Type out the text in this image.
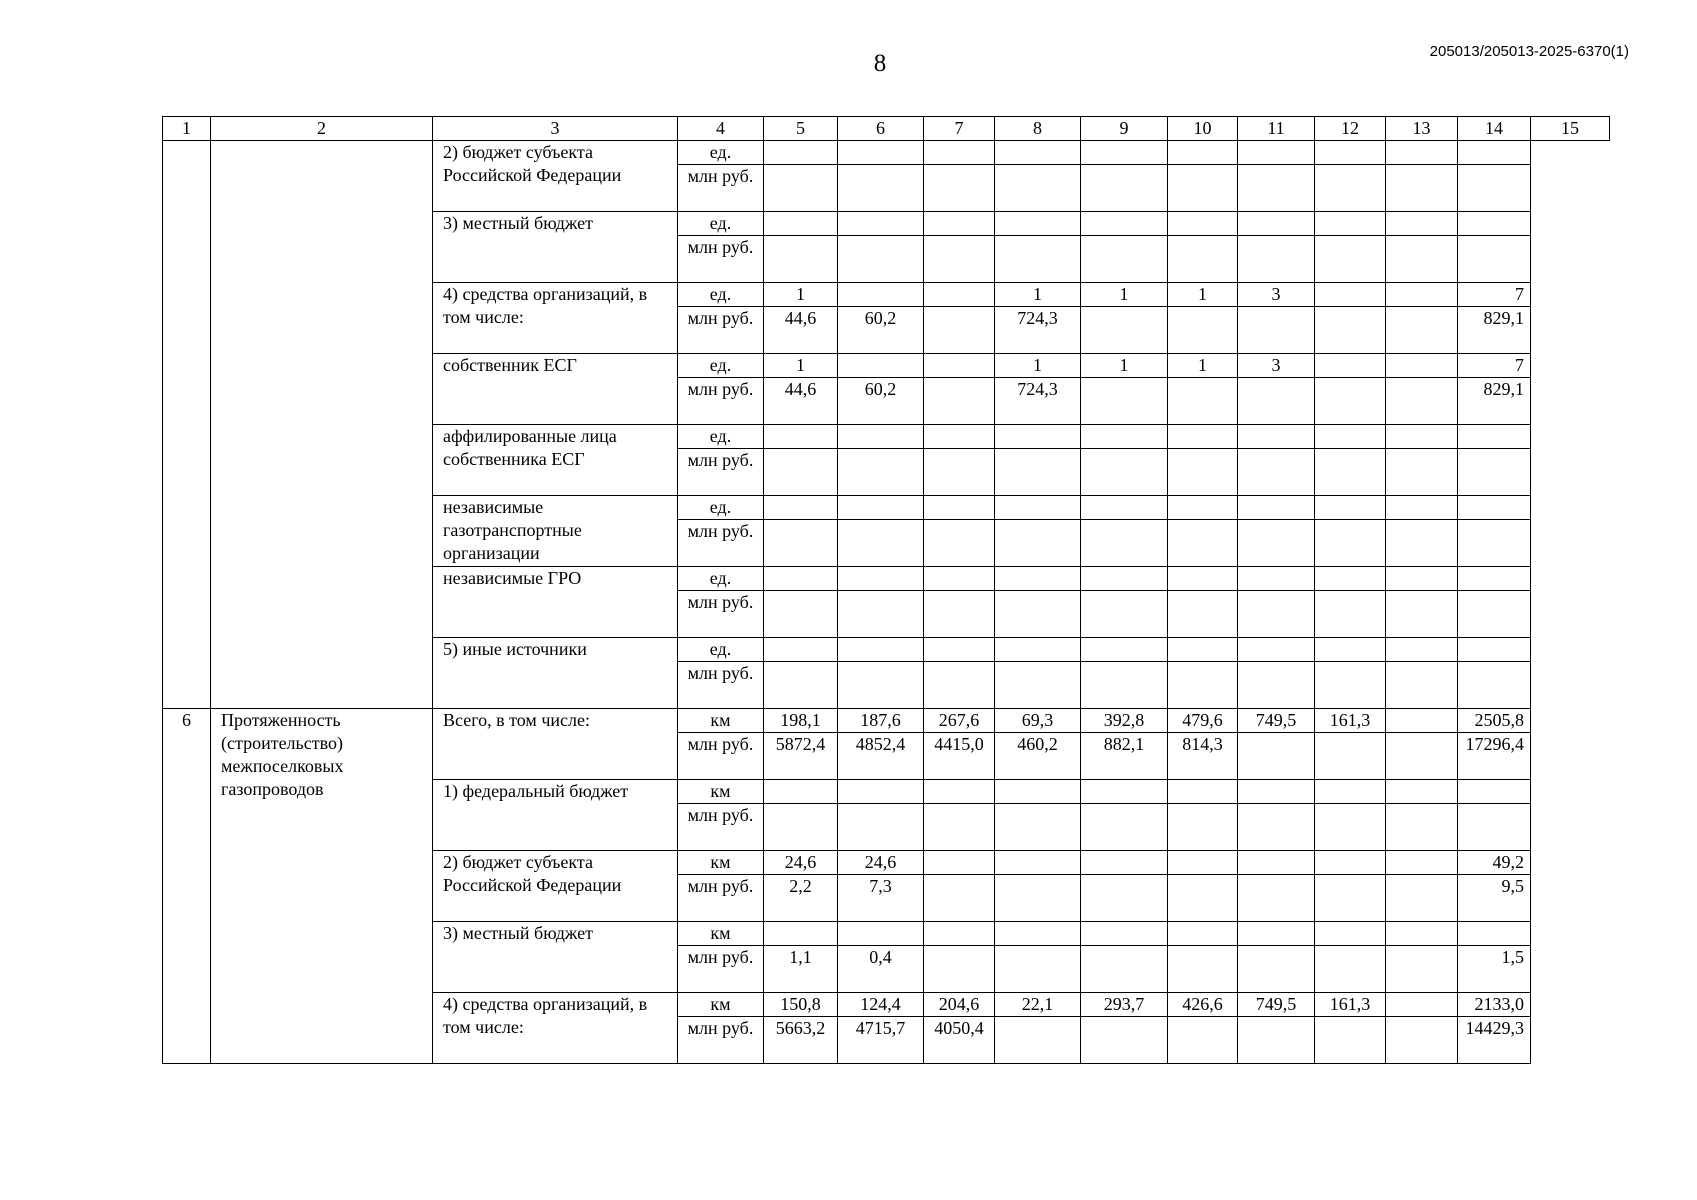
8	205013/205013-2025-6370(1)
1	2	3	4	5	6	7	8	9	10	11	12	13	14	15
		2) бюджет субъекта Российской Федерации	ед.											
			млн руб.											
		3) местный бюджет	ед.											
			млн руб.											
		4) средства организаций, в том числе:	ед.	1			1	1	1	3			7	
			млн руб.	44,6	60,2		724,3						829,1	
		собственник ЕСГ	ед.	1			1	1	1	3			7	
			млн руб.	44,6	60,2		724,3						829,1	
		аффилированные лица собственника ЕСГ	ед.											
			млн руб.											
		независимые газотранспортные организации	ед.											
			млн руб.											
		независимые ГРО	ед.											
			млн руб.											
		5) иные источники	ед.											
			млн руб.											
6	Протяженность (строительство) межпоселковых газопроводов	Всего, в том числе:	км	198,1	187,6	267,6	69,3	392,8	479,6	749,5	161,3		2505,8	
			млн руб.	5872,4	4852,4	4415,0	460,2	882,1	814,3				17296,4	
		1) федеральный бюджет	км											
			млн руб.											
		2) бюджет субъекта Российской Федерации	км	24,6	24,6								49,2	
			млн руб.	2,2	7,3								9,5	
		3) местный бюджет	км											
			млн руб.	1,1	0,4								1,5	
		4) средства организаций, в том числе:	км	150,8	124,4	204,6	22,1	293,7	426,6	749,5	161,3		2133,0	
			млн руб.	5663,2	4715,7	4050,4							14429,3	
